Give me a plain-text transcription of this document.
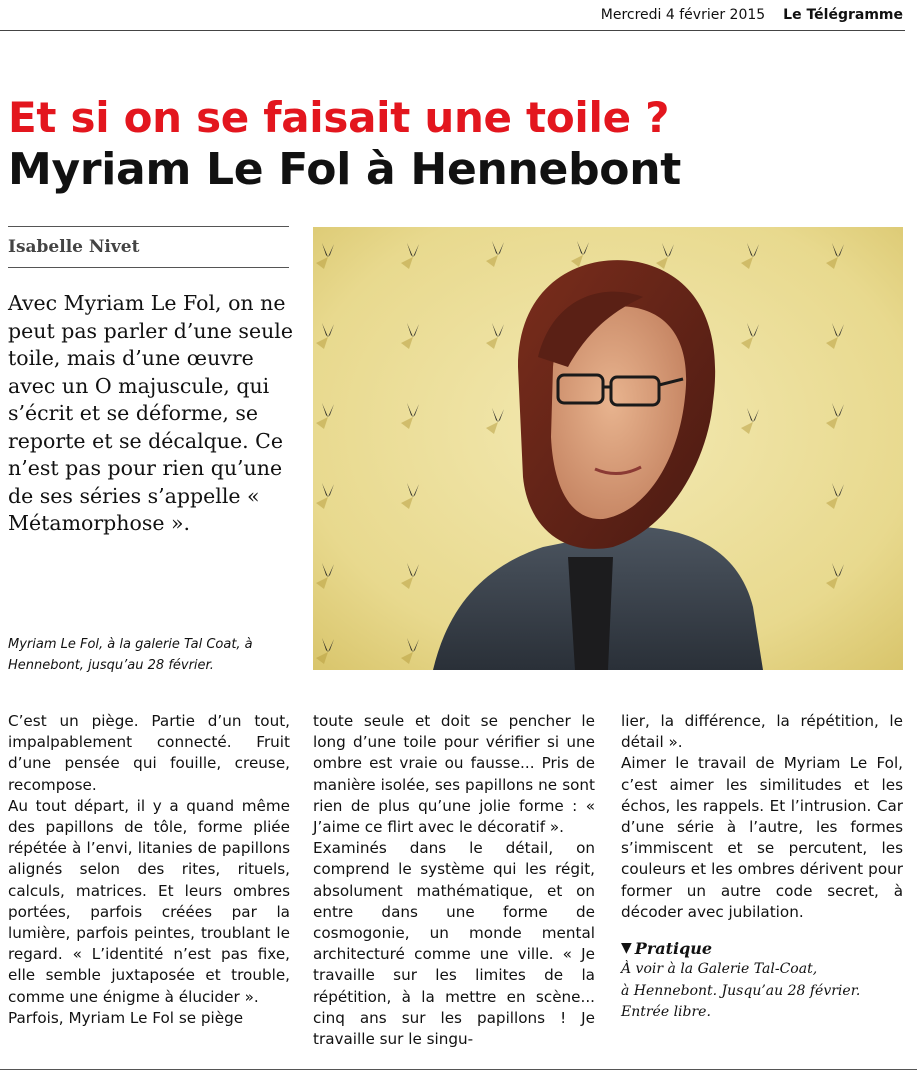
Mercredi 4 février 2015 Le Télégramme
Et si on se faisait une toile ?
Myriam Le Fol à Hennebont
Isabelle Nivet

Avec Myriam Le Fol, on ne peut pas parler d’une seule toile, mais d’une œuvre avec un O majuscule, qui s’écrit et se déforme, se reporte et se décalque. Ce n’est pas pour rien qu’une de ses séries s’appelle « Métamorphose ».

Myriam Le Fol, à la galerie Tal Coat, à Hennebont, jusqu’au 28 février.

C’est un piège. Partie d’un tout, impalpablement connecté. Fruit d’une pensée qui fouille, creuse, recompose.

Au tout départ, il y a quand même des papillons de tôle, forme pliée répétée à l’envi, litanies de papillons alignés selon des rites, rituels, calculs, matrices. Et leurs ombres portées, parfois créées par la lumière, parfois peintes, troublant le regard. « L’identité n’est pas fixe, elle semble juxtaposée et trouble, comme une énigme à élucider ».

Parfois, Myriam Le Fol se piège

toute seule et doit se pencher le long d’une toile pour vérifier si une ombre est vraie ou fausse... Pris de manière isolée, ses papillons ne sont rien de plus qu’une jolie forme : « J’aime ce flirt avec le décoratif ».

Examinés dans le détail, on comprend le système qui les régit, absolument mathématique, et on entre dans une forme de cosmogonie, un monde mental architecturé comme une ville. « Je travaille sur les limites de la répétition, à la mettre en scène... cinq ans sur les papillons ! Je travaille sur le singu-

lier, la différence, la répétition, le détail ».

Aimer le travail de Myriam Le Fol, c’est aimer les similitudes et les échos, les rappels. Et l’intrusion. Car d’une série à l’autre, les formes s’immiscent et se percutent, les couleurs et les ombres dérivent pour former un autre code secret, à décoder avec jubilation.

▼ Pratique
À voir à la Galerie Tal-Coat,
à Hennebont. Jusqu’au 28 février.
Entrée libre.
